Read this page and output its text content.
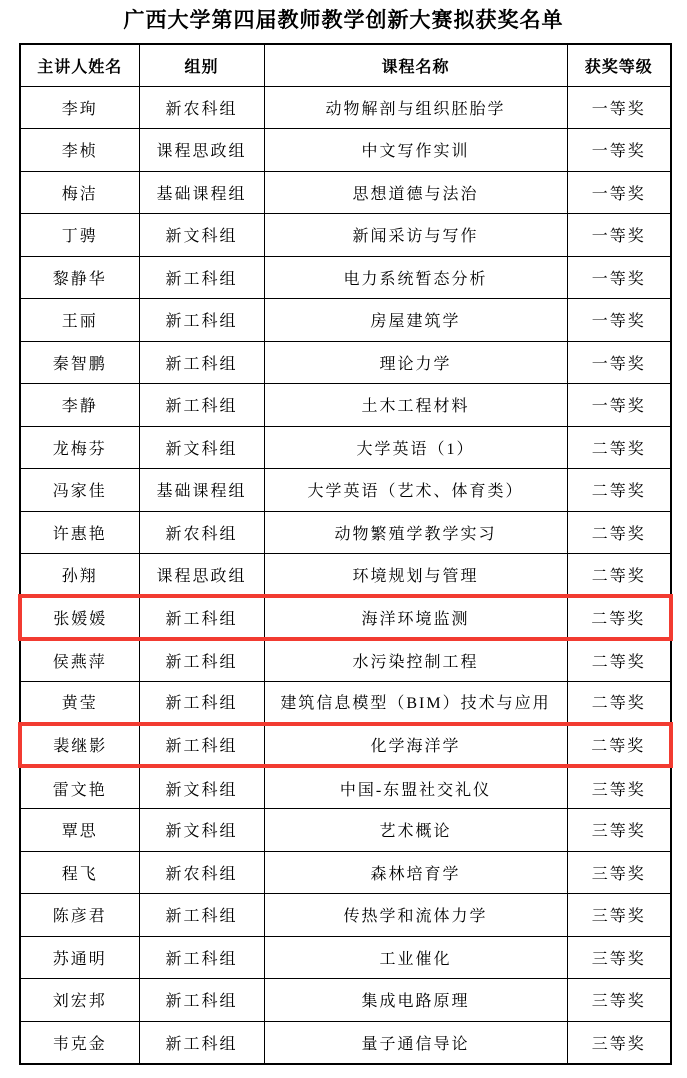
广西大学第四届教师教学创新大赛拟获奖名单
主讲人姓名	组别	课程名称	获奖等级
李珣	新农科组	动物解剖与组织胚胎学	一等奖
李桢	课程思政组	中文写作实训	一等奖
梅洁	基础课程组	思想道德与法治	一等奖
丁骋	新文科组	新闻采访与写作	一等奖
黎静华	新工科组	电力系统暂态分析	一等奖
王丽	新工科组	房屋建筑学	一等奖
秦智鹏	新工科组	理论力学	一等奖
李静	新工科组	土木工程材料	一等奖
龙梅芬	新文科组	大学英语（1）	二等奖
冯家佳	基础课程组	大学英语（艺术、体育类）	二等奖
许惠艳	新农科组	动物繁殖学教学实习	二等奖
孙翔	课程思政组	环境规划与管理	二等奖
张媛媛	新工科组	海洋环境监测	二等奖
侯燕萍	新工科组	水污染控制工程	二等奖
黄莹	新工科组	建筑信息模型（BIM）技术与应用	二等奖
裴继影	新工科组	化学海洋学	二等奖
雷文艳	新文科组	中国-东盟社交礼仪	三等奖
覃思	新文科组	艺术概论	三等奖
程飞	新农科组	森林培育学	三等奖
陈彦君	新工科组	传热学和流体力学	三等奖
苏通明	新工科组	工业催化	三等奖
刘宏邦	新工科组	集成电路原理	三等奖
韦克金	新工科组	量子通信导论	三等奖
